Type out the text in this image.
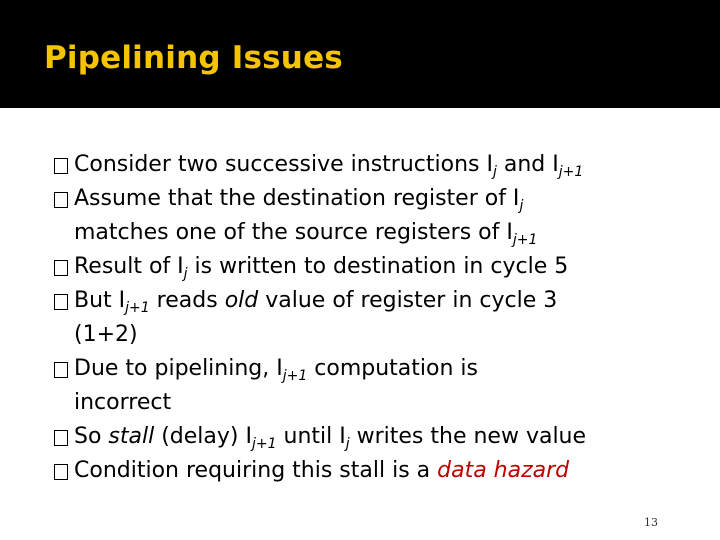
Pipelining Issues
Consider two successive instructions $I_j$ and $I_{j+1}$
Assume that the destination register of $I_j$
matches one of the source registers of $I_{j+1}$
Result of $I_j$ is written to destination in cycle 5
But $I_{j+1}$ reads old value of register in cycle 3
(1+2)
Due to pipelining, $I_{j+1}$ computation is
incorrect
So stall (delay) $I_{j+1}$ until $I_j$ writes the new value
Condition requiring this stall is a data hazard
13
